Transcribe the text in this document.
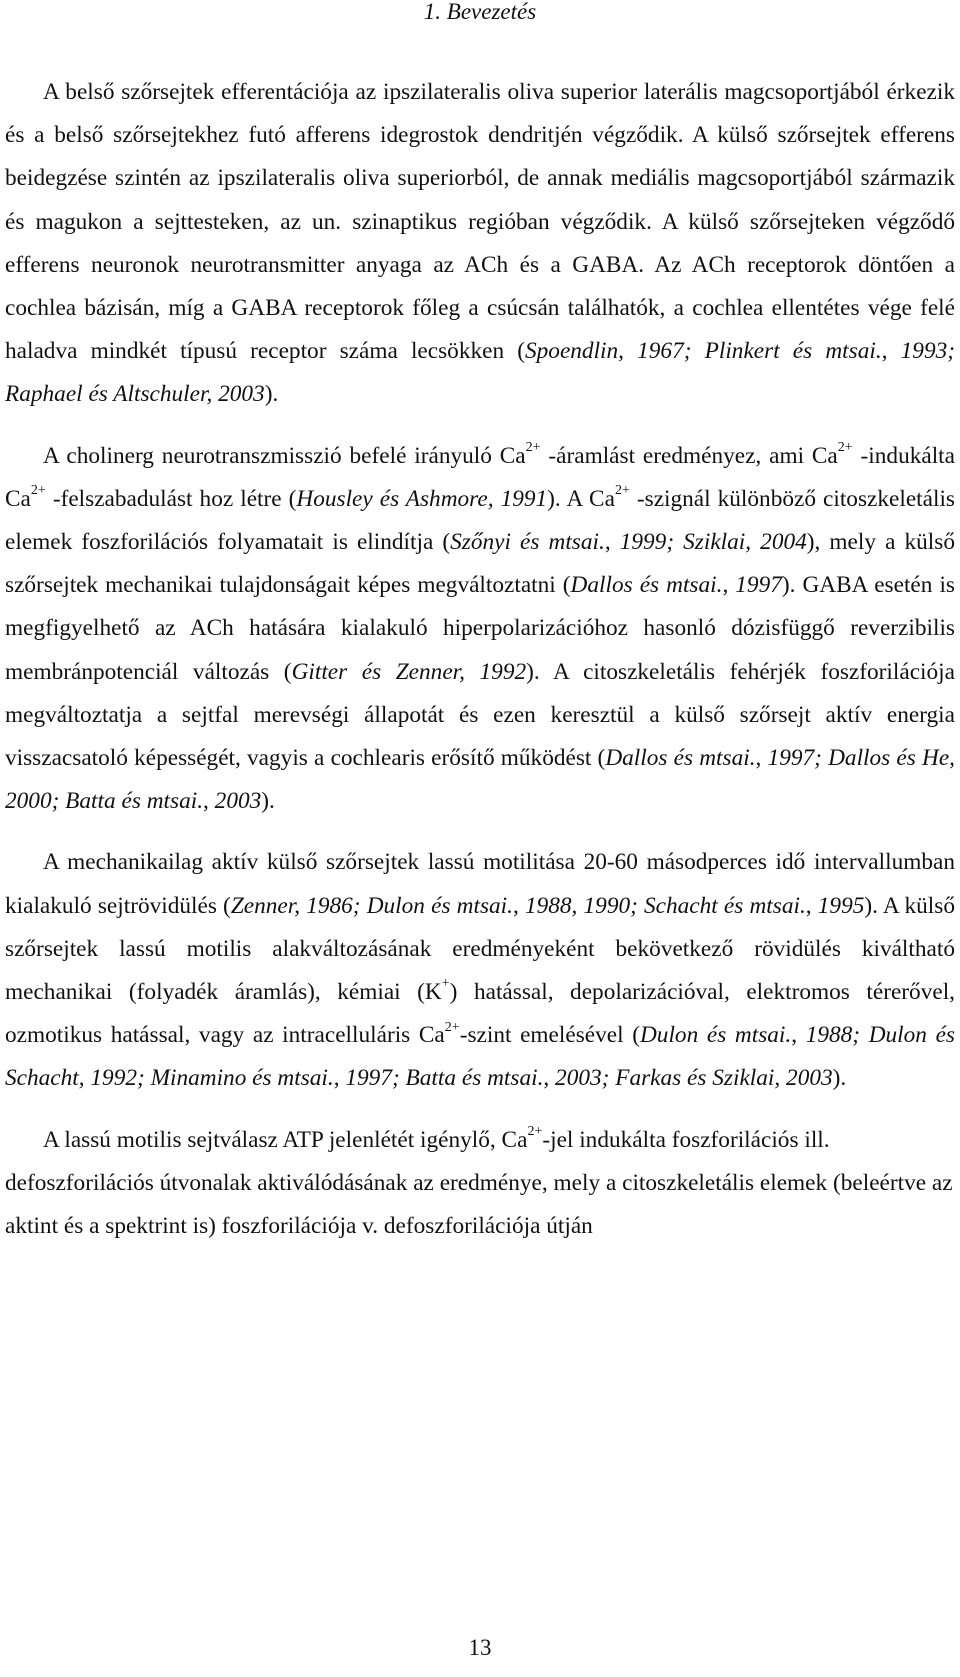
1. Bevezetés

A belső szőrsejtek efferentációja az ipszilateralis oliva superior laterális magcsoportjából érkezik és a belső szőrsejtekhez futó afferens idegrostok dendritjén végződik. A külső szőrsejtek efferens beidegzése szintén az ipszilateralis oliva superiorból, de annak mediális magcsoportjából származik és magukon a sejttesteken, az un. szinaptikus regióban végződik. A külső szőrsejteken végződő efferens neuronok neurotransmitter anyaga az ACh és a GABA. Az ACh receptorok döntően a cochlea bázisán, míg a GABA receptorok főleg a csúcsán találhatók, a cochlea ellentétes vége felé haladva mindkét típusú receptor száma lecsökken (Spoendlin, 1967; Plinkert és mtsai., 1993; Raphael és Altschuler, 2003).

A cholinerg neurotranszmisszió befelé irányuló $Ca^{2+}$ -áramlást eredményez, ami $Ca^{2+}$ -indukálta $Ca^{2+}$ -felszabadulást hoz létre (Housley és Ashmore, 1991). A $Ca^{2+}$ -szignál különböző citoszkeletális elemek foszforilációs folyamatait is elindítja (Szőnyi és mtsai., 1999; Sziklai, 2004), mely a külső szőrsejtek mechanikai tulajdonságait képes megváltoztatni (Dallos és mtsai., 1997). GABA esetén is megfigyelhető az ACh hatására kialakuló hiperpolarizációhoz hasonló dózisfüggő reverzibilis membránpotenciál változás (Gitter és Zenner, 1992). A citoszkeletális fehérjék foszforilációja megváltoztatja a sejtfal merevségi állapotát és ezen keresztül a külső szőrsejt aktív energia visszacsatoló képességét, vagyis a cochlearis erősítő működést (Dallos és mtsai., 1997; Dallos és He, 2000; Batta és mtsai., 2003).

A mechanikailag aktív külső szőrsejtek lassú motilitása 20-60 másodperces idő intervallumban kialakuló sejtrövidülés (Zenner, 1986; Dulon és mtsai., 1988, 1990; Schacht és mtsai., 1995). A külső szőrsejtek lassú motilis alakváltozásának eredményeként bekövetkező rövidülés kiváltható mechanikai (folyadék áramlás), kémiai (K+) hatással, depolarizációval, elektromos térerővel, ozmotikus hatással, vagy az intracelluláris $Ca^{2+}$-szint emelésével (Dulon és mtsai., 1988; Dulon és Schacht, 1992; Minamino és mtsai., 1997; Batta és mtsai., 2003; Farkas és Sziklai, 2003).

A lassú motilis sejtválasz ATP jelenlétét igénylő, $Ca^{2+}$-jel indukálta foszforilációs ill. defoszforilációs útvonalak aktiválódásának az eredménye, mely a citoszkeletális elemek (beleértve az aktint és a spektrint is) foszforilációja v. defoszforilációja útján

13
